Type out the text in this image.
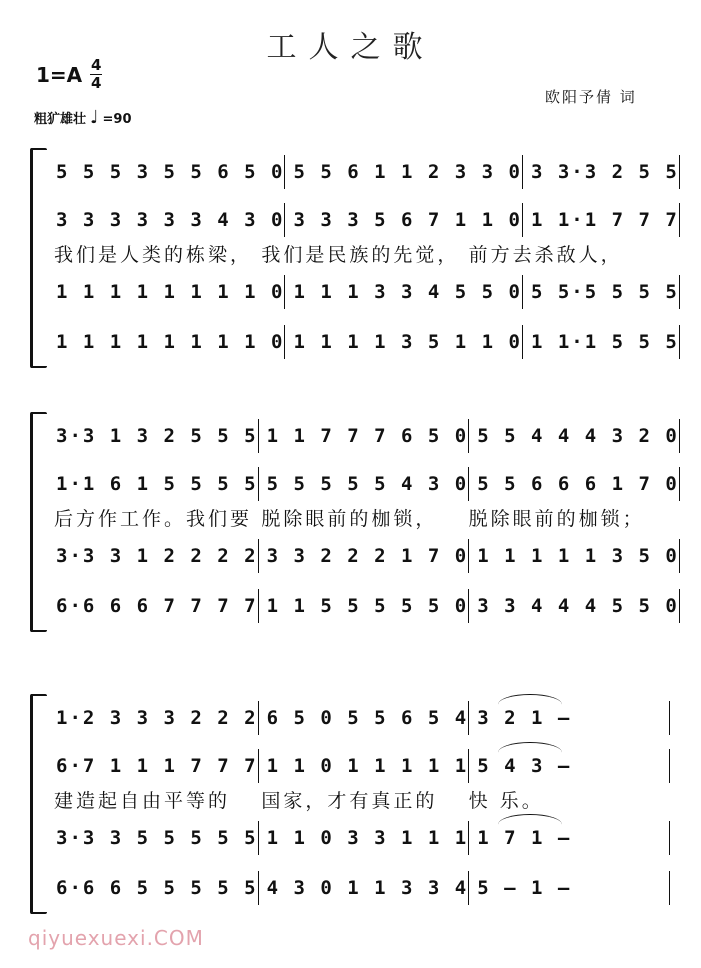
工人之歌
1=A 4
4
粗犷雄壮 ♩ =90
欧阳予倩 词
5 5 5 3 5 5 6 5 0 5 5 6 1 1 2 3 3 0 3 3·3 2 5 5
3 3 3 3 3 3 4 3 0 3 3 3 5 6 7 1 1 0 1 1·1 7 7 7
我们是人类的栋梁， 我们是民族的先觉， 前方去杀敌人，
1 1 1 1 1 1 1 1 0 1 1 1 3 3 4 5 5 0 5 5·5 5 5 5
1 1 1 1 1 1 1 1 0 1 1 1 1 3 5 1 1 0 1 1·1 5 5 5
3·3 1 3 2 5 5 5 1 1 7 7 7 6 5 0 5 5 4 4 4 3 2 0
1·1 6 1 5 5 5 5 5 5 5 5 5 4 3 0 5 5 6 6 6 1 7 0
后方作工作。我们要 脱除眼前的枷锁，	脱除眼前的枷锁；
3·3 3 1 2 2 2 2 3 3 2 2 2 1 7 0 1 1 1 1 1 3 5 0
6·6 6 6 7 7 7 7 1 1 5 5 5 5 5 0 3 3 4 4 4 5 5 0
1·2 3 3 3 2 2 2 6 5 0 5 5 6 5 4 3 2 1 —
6·7 1 1 1 7 7 7 1 1 0 1 1 1 1 1 5 4 3 —
建造起自由平等的	国家，才有真正的	快 乐。
3·3 3 5 5 5 5 5 1 1 0 3 3 1 1 1 1 7 1 —
6·6 6 5 5 5 5 5 4 3 0 1 1 3 3 4 5 — 1 —
qiyuexuexi.COM
